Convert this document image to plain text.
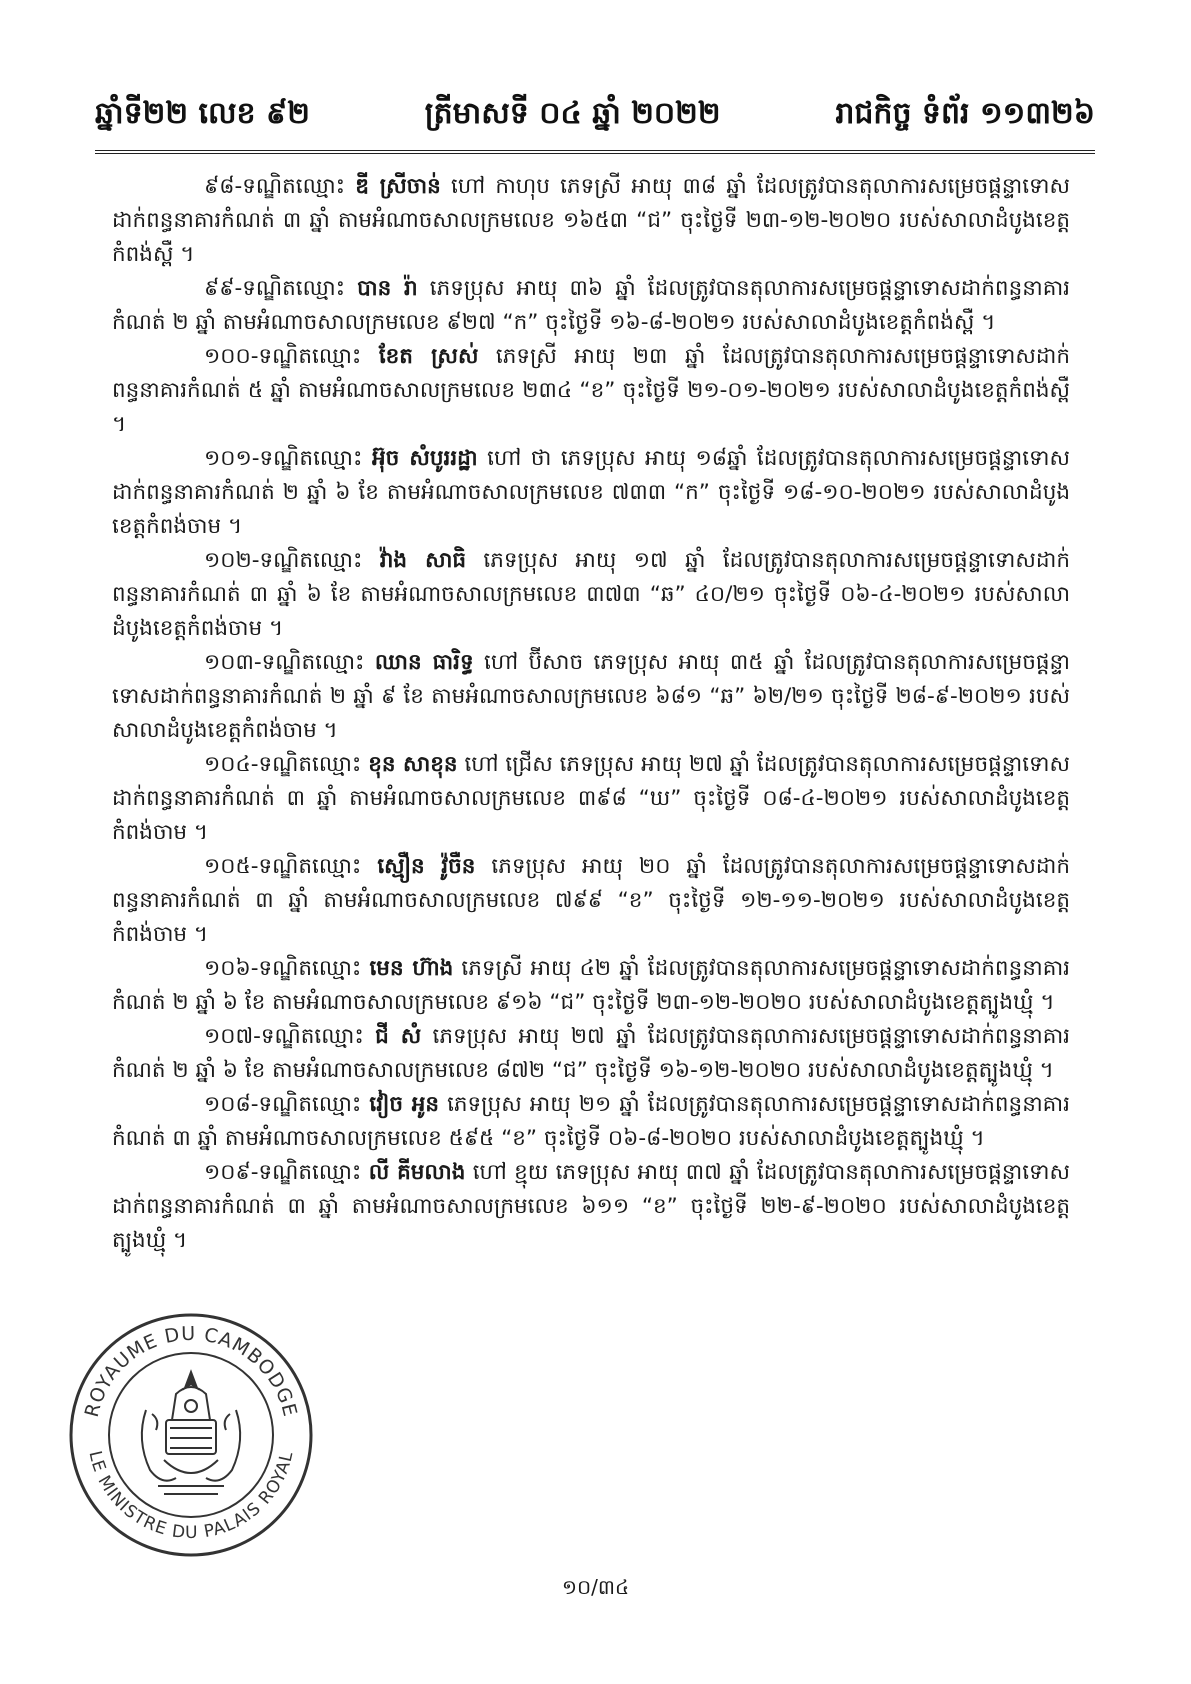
ឆ្នាំទី២២ លេខ ៩២	ត្រីមាសទី ០៤ ឆ្នាំ ២០២២	រាជកិច្ច ទំព័រ ១១៣២៦

៩៨-ទណ្ឌិតឈ្មោះ ឌី ស្រីចាន់ ហៅ កាហុប ភេទស្រី អាយុ ៣៨ ឆ្នាំ ដែលត្រូវបានតុលាការសម្រេចផ្តន្ទាទោសដាក់ពន្ធនាគារកំណត់ ៣ ឆ្នាំ តាមអំណាចសាលក្រមលេខ ១៦៥៣ “ជ” ចុះថ្ងៃទី ២៣-១២-២០២០ របស់សាលាដំបូងខេត្តកំពង់ស្ពឺ ។

៩៩-ទណ្ឌិតឈ្មោះ បាន រ៉ា ភេទប្រុស អាយុ ៣៦ ឆ្នាំ ដែលត្រូវបានតុលាការសម្រេចផ្តន្ទាទោសដាក់ពន្ធនាគារកំណត់ ២ ឆ្នាំ តាមអំណាចសាលក្រមលេខ ៩២៧ “ក” ចុះថ្ងៃទី ១៦-៨-២០២១ របស់សាលាដំបូងខេត្តកំពង់ស្ពឺ ។

១០០-ទណ្ឌិតឈ្មោះ ខែត ស្រស់ ភេទស្រី អាយុ ២៣ ឆ្នាំ ដែលត្រូវបានតុលាការសម្រេចផ្តន្ទាទោសដាក់ពន្ធនាគារកំណត់ ៥ ឆ្នាំ តាមអំណាចសាលក្រមលេខ ២៣៤ “ខ” ចុះថ្ងៃទី ២១-០១-២០២១ របស់សាលាដំបូងខេត្តកំពង់ស្ពឺ ។

១០១-ទណ្ឌិតឈ្មោះ អ៊ុច សំបូររដ្ឋា ហៅ ថា ភេទប្រុស អាយុ ១៨ឆ្នាំ ដែលត្រូវបានតុលាការសម្រេចផ្តន្ទាទោសដាក់ពន្ធនាគារកំណត់ ២ ឆ្នាំ ៦ ខែ តាមអំណាចសាលក្រមលេខ ៧៣៣ “ក” ចុះថ្ងៃទី ១៨-១០-២០២១ របស់សាលាដំបូងខេត្តកំពង់ចាម ។

១០២-ទណ្ឌិតឈ្មោះ វ៉ាង សាធិ ភេទប្រុស អាយុ ១៧ ឆ្នាំ ដែលត្រូវបានតុលាការសម្រេចផ្តន្ទាទោសដាក់ពន្ធនាគារកំណត់ ៣ ឆ្នាំ ៦ ខែ តាមអំណាចសាលក្រមលេខ ៣៧៣ “ឆ” ៤០/២១ ចុះថ្ងៃទី ០៦-៤-២០២១ របស់សាលាដំបូងខេត្តកំពង់ចាម ។

១០៣-ទណ្ឌិតឈ្មោះ ឈាន ធារិទ្ធ ហៅ ប៊ីសាច ភេទប្រុស អាយុ ៣៥ ឆ្នាំ ដែលត្រូវបានតុលាការសម្រេចផ្តន្ទាទោសដាក់ពន្ធនាគារកំណត់ ២ ឆ្នាំ ៩ ខែ តាមអំណាចសាលក្រមលេខ ៦៨១ “ឆ” ៦២/២១ ចុះថ្ងៃទី ២៨-៩-២០២១ របស់សាលាដំបូងខេត្តកំពង់ចាម ។

១០៤-ទណ្ឌិតឈ្មោះ ខុន សាខុន ហៅ ជ្រើស ភេទប្រុស អាយុ ២៧ ឆ្នាំ ដែលត្រូវបានតុលាការសម្រេចផ្តន្ទាទោសដាក់ពន្ធនាគារកំណត់ ៣ ឆ្នាំ តាមអំណាចសាលក្រមលេខ ៣៩៨ “ឃ” ចុះថ្ងៃទី ០៨-៤-២០២១ របស់សាលាដំបូងខេត្តកំពង់ចាម ។

១០៥-ទណ្ឌិតឈ្មោះ ស្មឿន វ៉ូចឺន ភេទប្រុស អាយុ ២០ ឆ្នាំ ដែលត្រូវបានតុលាការសម្រេចផ្តន្ទាទោសដាក់ពន្ធនាគារកំណត់ ៣ ឆ្នាំ តាមអំណាចសាលក្រមលេខ ៧៩៩ “ខ” ចុះថ្ងៃទី ១២-១១-២០២១ របស់សាលាដំបូងខេត្តកំពង់ចាម ។

១០៦-ទណ្ឌិតឈ្មោះ មេន ហ៊ាង ភេទស្រី អាយុ ៤២ ឆ្នាំ ដែលត្រូវបានតុលាការសម្រេចផ្តន្ទាទោសដាក់ពន្ធនាគារកំណត់ ២ ឆ្នាំ ៦ ខែ តាមអំណាចសាលក្រមលេខ ៩១៦ “ជ” ចុះថ្ងៃទី ២៣-១២-២០២០ របស់សាលាដំបូងខេត្តត្បូងឃ្មុំ ។

១០៧-ទណ្ឌិតឈ្មោះ ជី សំ ភេទប្រុស អាយុ ២៧ ឆ្នាំ ដែលត្រូវបានតុលាការសម្រេចផ្តន្ទាទោសដាក់ពន្ធនាគារកំណត់ ២ ឆ្នាំ ៦ ខែ តាមអំណាចសាលក្រមលេខ ៨៧២ “ជ” ចុះថ្ងៃទី ១៦-១២-២០២០ របស់សាលាដំបូងខេត្តត្បូងឃ្មុំ ។

១០៨-ទណ្ឌិតឈ្មោះ វៀច អូន ភេទប្រុស អាយុ ២១ ឆ្នាំ ដែលត្រូវបានតុលាការសម្រេចផ្តន្ទាទោសដាក់ពន្ធនាគារកំណត់ ៣ ឆ្នាំ តាមអំណាចសាលក្រមលេខ ៥៩៥ “ខ” ចុះថ្ងៃទី ០៦-៨-២០២០ របស់សាលាដំបូងខេត្តត្បូងឃ្មុំ ។

១០៩-ទណ្ឌិតឈ្មោះ លី គីមលាង ហៅ ខ្មុយ ភេទប្រុស អាយុ ៣៧ ឆ្នាំ ដែលត្រូវបានតុលាការសម្រេចផ្តន្ទាទោសដាក់ពន្ធនាគារកំណត់ ៣ ឆ្នាំ តាមអំណាចសាលក្រមលេខ ៦១១ “ខ” ចុះថ្ងៃទី ២២-៩-២០២០ របស់សាលាដំបូងខេត្តត្បូងឃ្មុំ ។

១០/៣៤
ROYAUME DU CAMBODGE
LE MINISTRE DU PALAIS ROYAL
